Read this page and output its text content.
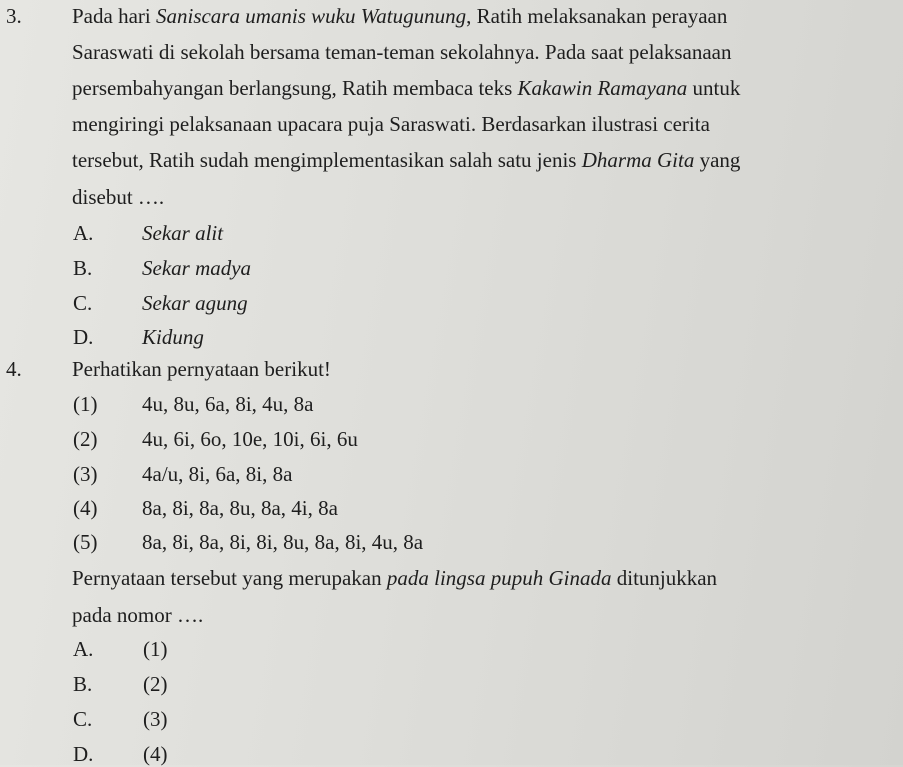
3. Pada hari Saniscara umanis wuku Watugunung, Ratih melaksanakan perayaan
Saraswati di sekolah bersama teman-teman sekolahnya. Pada saat pelaksanaan
persembahyangan berlangsung, Ratih membaca teks Kakawin Ramayana untuk
mengiringi pelaksanaan upacara puja Saraswati. Berdasarkan ilustrasi cerita
tersebut, Ratih sudah mengimplementasikan salah satu jenis Dharma Gita yang
disebut ….
A. Sekar alit
B. Sekar madya
C. Sekar agung
D. Kidung
4. Perhatikan pernyataan berikut!
(1) 4u, 8u, 6a, 8i, 4u, 8a
(2) 4u, 6i, 6o, 10e, 10i, 6i, 6u
(3) 4a/u, 8i, 6a, 8i, 8a
(4) 8a, 8i, 8a, 8u, 8a, 4i, 8a
(5) 8a, 8i, 8a, 8i, 8i, 8u, 8a, 8i, 4u, 8a
Pernyataan tersebut yang merupakan pada lingsa pupuh Ginada ditunjukkan
pada nomor ….
A. (1)
B. (2)
C. (3)
D. (4)
